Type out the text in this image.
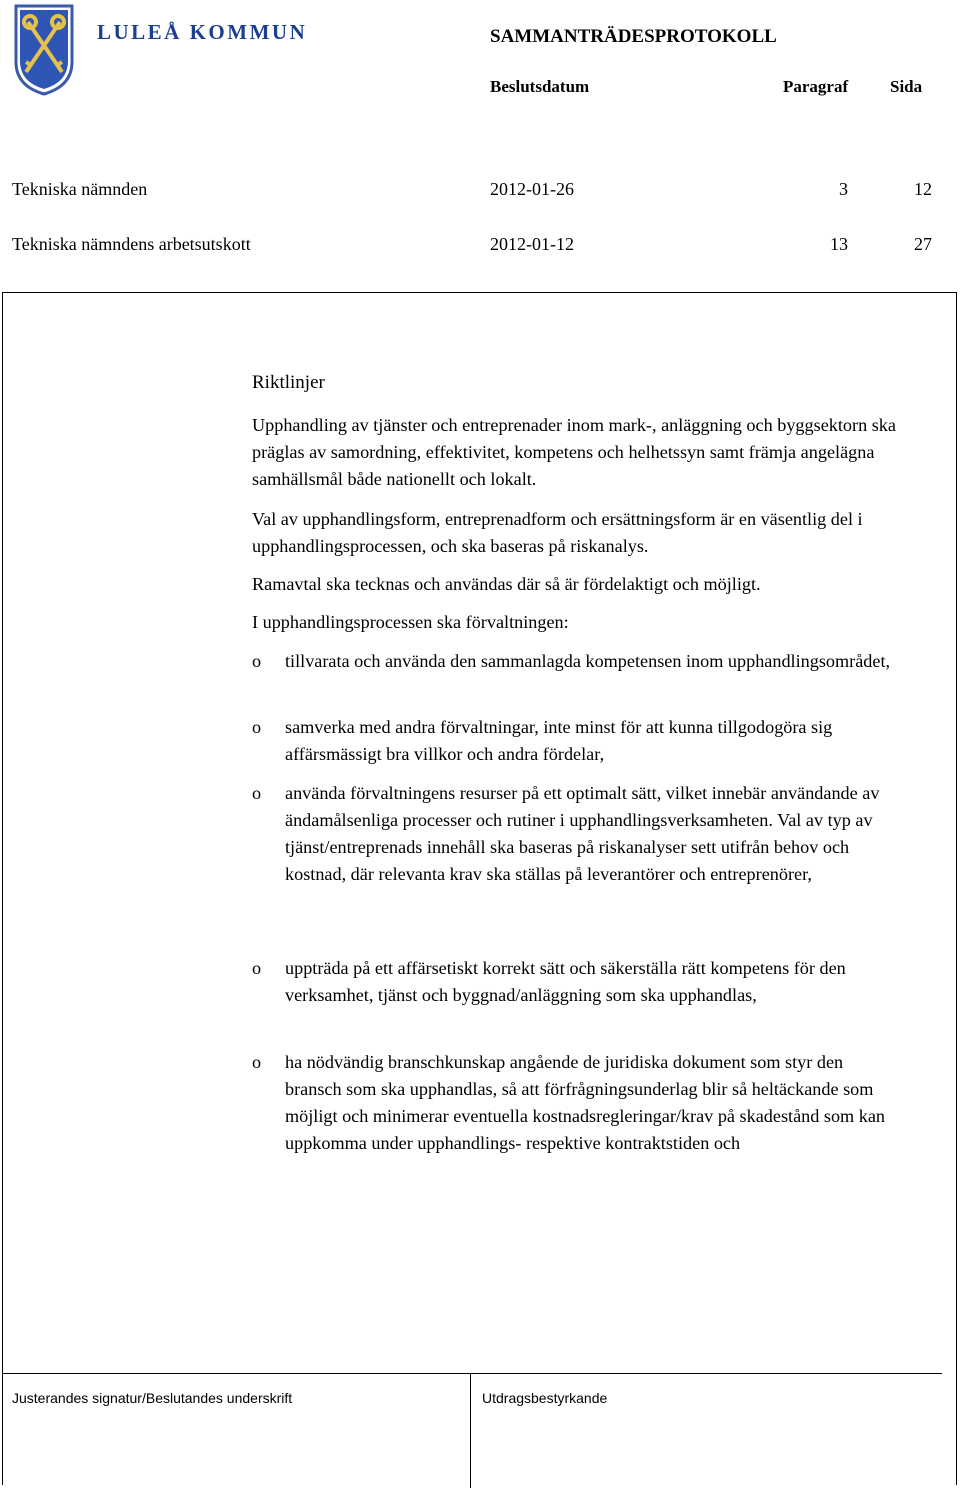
LULEÅ KOMMUN	SAMMANTRÄDESPROTOKOLL
Beslutsdatum	Paragraf Sida
Tekniska nämnden	2012-01-26	3	12
Tekniska nämndens arbetsutskott	2012-01-12	13	27
Riktlinjer
Upphandling av tjänster och entreprenader inom mark-, anläggning och byggsektorn ska präglas av samordning, effektivitet, kompetens och helhetssyn samt främja angelägna samhällsmål både nationellt och lokalt.
Val av upphandlingsform, entreprenadform och ersättningsform är en väsentlig del i upphandlingsprocessen, och ska baseras på riskanalys.
Ramavtal ska tecknas och användas där så är fördelaktigt och möjligt.
I upphandlingsprocessen ska förvaltningen:
o tillvarata och använda den sammanlagda kompetensen inom upphandlingsområdet,
o samverka med andra förvaltningar, inte minst för att kunna tillgodogöra sig affärsmässigt bra villkor och andra fördelar,
o använda förvaltningens resurser på ett optimalt sätt, vilket innebär användande av ändamålsenliga processer och rutiner i upphandlingsverksamheten. Val av typ av tjänst/entreprenads innehåll ska baseras på riskanalyser sett utifrån behov och kostnad, där relevanta krav ska ställas på leverantörer och entreprenörer,
o uppträda på ett affärsetiskt korrekt sätt och säkerställa rätt kompetens för den verksamhet, tjänst och byggnad/anläggning som ska upphandlas,
o ha nödvändig branschkunskap angående de juridiska dokument som styr den bransch som ska upphandlas, så att förfrågningsunderlag blir så heltäckande som möjligt och minimerar eventuella kostnadsregleringar/krav på skadestånd som kan uppkomma under upphandlings- respektive kontraktstiden och
Justerandes signatur/Beslutandes underskrift	Utdragsbestyrkande
